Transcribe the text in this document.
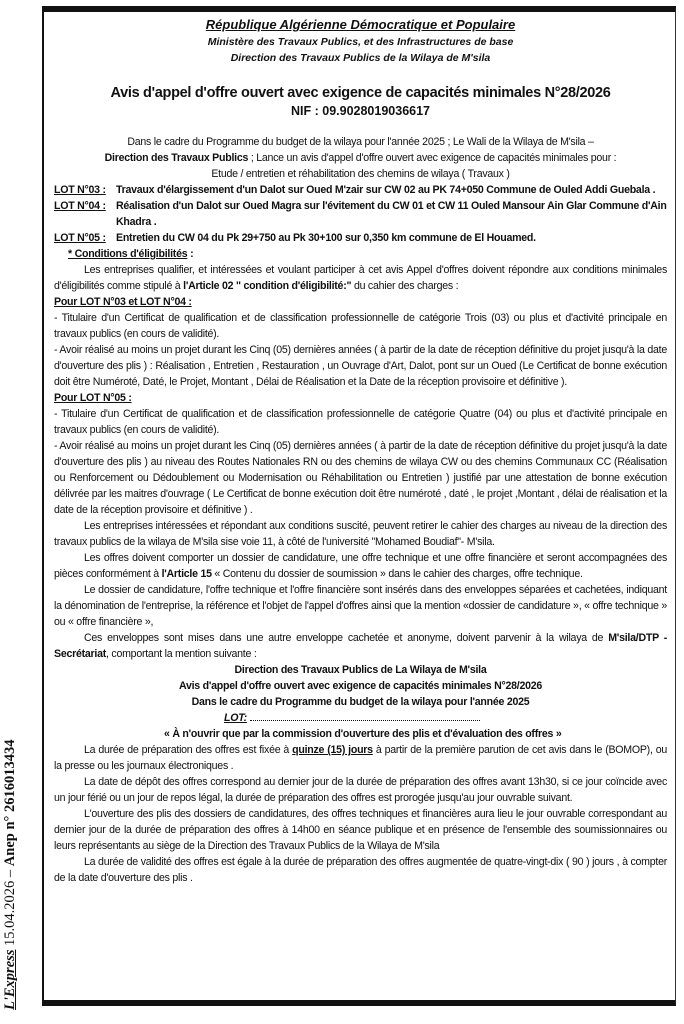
L'Express 15.04.2026 – Anep n° 2616013434
République Algérienne Démocratique et Populaire
Ministère des Travaux Publics, et des Infrastructures de base
Direction des Travaux Publics de la Wilaya de M'sila
Avis d'appel d'offre ouvert avec exigence de capacités minimales N°28/2026
NIF : 09.9028019036617
Dans le cadre du Programme du budget de la wilaya pour l'année 2025 ; Le Wali de la Wilaya de M'sila –
Direction des Travaux Publics ; Lance un avis d'appel d'offre ouvert avec exigence de capacités minimales pour :
Etude / entretien et réhabilitation des chemins de wilaya ( Travaux )
LOT N°03 : Travaux d'élargissement d'un Dalot sur Oued M'zair sur CW 02 au PK 74+050 Commune de Ouled Addi Guebala .
LOT N°04 : Réalisation d'un Dalot sur Oued Magra sur l'évitement du CW 01 et CW 11 Ouled Mansour Ain Glar Commune d'Ain Khadra .
LOT N°05 : Entretien du CW 04 du Pk 29+750 au Pk 30+100 sur 0,350 km commune de El Houamed.
* Conditions d'éligibilités :
Les entreprises qualifier, et intéressées et voulant participer à cet avis Appel d'offres doivent répondre aux conditions minimales d'éligibilités comme stipulé à l'Article 02 " condition d'éligibilité:" du cahier des charges :
Pour LOT N°03 et LOT N°04 :
- Titulaire d'un Certificat de qualification et de classification professionnelle de catégorie Trois (03) ou plus et d'activité principale en travaux publics (en cours de validité).
- Avoir réalisé au moins un projet durant les Cinq (05) dernières années ( à partir de la date de réception définitive du projet jusqu'à la date d'ouverture des plis ) : Réalisation , Entretien , Restauration , un Ouvrage d'Art, Dalot, pont sur un Oued (Le Certificat de bonne exécution doit être Numéroté, Daté, le Projet, Montant , Délai de Réalisation et la Date de la réception provisoire et définitive ).
Pour LOT N°05 :
- Titulaire d'un Certificat de qualification et de classification professionnelle de catégorie Quatre (04) ou plus et d'activité principale en travaux publics (en cours de validité).
- Avoir réalisé au moins un projet durant les Cinq (05) dernières années ( à partir de la date de réception définitive du projet jusqu'à la date d'ouverture des plis ) au niveau des Routes Nationales RN ou des chemins de wilaya CW ou des chemins Communaux CC (Réalisation ou Renforcement ou Dédoublement ou Modernisation ou Réhabilitation ou Entretien ) justifié par une attestation de bonne exécution délivrée par les maitres d'ouvrage ( Le Certificat de bonne exécution doit être numéroté , daté , le projet ,Montant , délai de réalisation et la date de la réception provisoire et définitive ) .
Les entreprises intéressées et répondant aux conditions suscité, peuvent retirer le cahier des charges au niveau de la direction des travaux publics de la wilaya de M'sila sise voie 11, à côté de l'université "Mohamed Boudiaf"- M'sila.
Les offres doivent comporter un dossier de candidature, une offre technique et une offre financière et seront accompagnées des pièces conformément à l'Article 15 « Contenu du dossier de soumission » dans le cahier des charges, offre technique.
Le dossier de candidature, l'offre technique et l'offre financière sont insérés dans des enveloppes séparées et cachetées, indiquant la dénomination de l'entreprise, la référence et l'objet de l'appel d'offres ainsi que la mention «dossier de candidature », « offre technique » ou « offre financière »,
Ces enveloppes sont mises dans une autre enveloppe cachetée et anonyme, doivent parvenir à la wilaya de M'sila/DTP - Secrétariat, comportant la mention suivante :
Direction des Travaux Publics de La Wilaya de M'sila
Avis d'appel d'offre ouvert avec exigence de capacités minimales N°28/2026
Dans le cadre du Programme du budget de la wilaya pour l'année 2025
LOT:
« À n'ouvrir que par la commission d'ouverture des plis et d'évaluation des offres »
La durée de préparation des offres est fixée à quinze (15) jours à partir de la première parution de cet avis dans le (BOMOP), ou la presse ou les journaux électroniques .
La date de dépôt des offres correspond au dernier jour de la durée de préparation des offres avant 13h30, si ce jour coïncide avec un jour férié ou un jour de repos légal, la durée de préparation des offres est prorogée jusqu'au jour ouvrable suivant.
L'ouverture des plis des dossiers de candidatures, des offres techniques et financières aura lieu le jour ouvrable correspondant au dernier jour de la durée de préparation des offres à 14h00 en séance publique et en présence de l'ensemble des soumissionnaires ou leurs représentants au siège de la Direction des Travaux Publics de la Wilaya de M'sila
La durée de validité des offres est égale à la durée de préparation des offres augmentée de quatre-vingt-dix ( 90 ) jours , à compter de la date d'ouverture des plis .
